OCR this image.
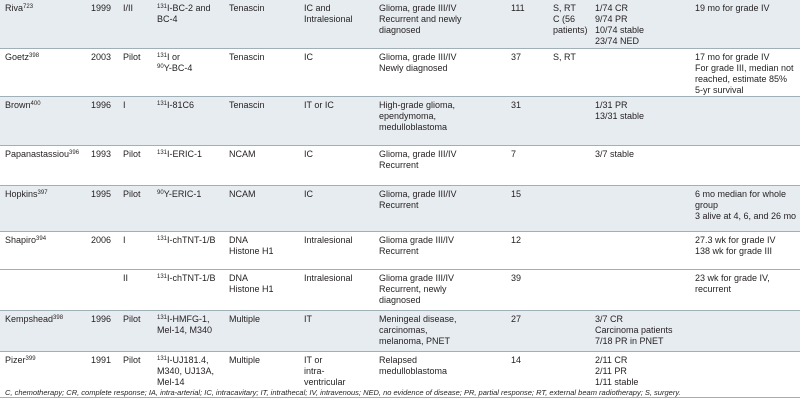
Riva$^{723}$	1999	I/II	$^{131}$I-BC-2 and
BC-4	Tenascin	IC and
Intralesional	Glioma, grade III/IV
Recurrent and newly
diagnosed	111	S, RT
C (56
patients)	1/74 CR
9/74 PR
10/74 stable
23/74 NED	19 mo for grade IV

Goetz$^{398}$	2003	Pilot	$^{131}$I or
$^{90}$Y-BC-4	Tenascin	IC	Glioma, grade III/IV
Newly diagnosed	37	S, RT		17 mo for grade IV
For grade III, median not
reached, estimate 85%
5-yr survival

Brown$^{400}$	1996	I	$^{131}$I-81C6	Tenascin	IT or IC	High-grade glioma,
ependymoma,
medulloblastoma	31		1/31 PR
13/31 stable	

Papanastassiou$^{396}$	1993	Pilot	$^{131}$I-ERIC-1	NCAM	IC	Glioma, grade III/IV
Recurrent	7		3/7 stable	

Hopkins$^{397}$	1995	Pilot	$^{90}$Y-ERIC-1	NCAM	IC	Glioma, grade III/IV
Recurrent	15			6 mo median for whole
group
3 alive at 4, 6, and 26 mo

Shapiro$^{394}$	2006	I	$^{131}$I-chTNT-1/B	DNA
Histone H1	Intralesional	Glioma grade III/IV
Recurrent	12			27.3 wk for grade IV
138 wk for grade III

		II	$^{131}$I-chTNT-1/B	DNA
Histone H1	Intralesional	Glioma grade III/IV
Recurrent, newly
diagnosed	39			23 wk for grade IV,
recurrent

Kempshead$^{398}$	1996	Pilot	$^{131}$I-HMFG-1,
Mel-14, M340	Multiple	IT	Meningeal disease,
carcinomas,
melanoma, PNET	27		3/7 CR
Carcinoma patients
7/18 PR in PNET	

Pizer$^{399}$	1991	Pilot	$^{131}$I-UJ181.4,
M340, UJ13A,
Mel-14	Multiple	IT or
intra-
ventricular	Relapsed
medulloblastoma	14		2/11 CR
2/11 PR
1/11 stable	

C, chemotherapy; CR, complete response; IA, intra-arterial; IC, intracavitary; IT, intrathecal; IV, intravenous; NED, no evidence of disease; PR, partial response; RT, external beam radiotherapy; S, surgery.
